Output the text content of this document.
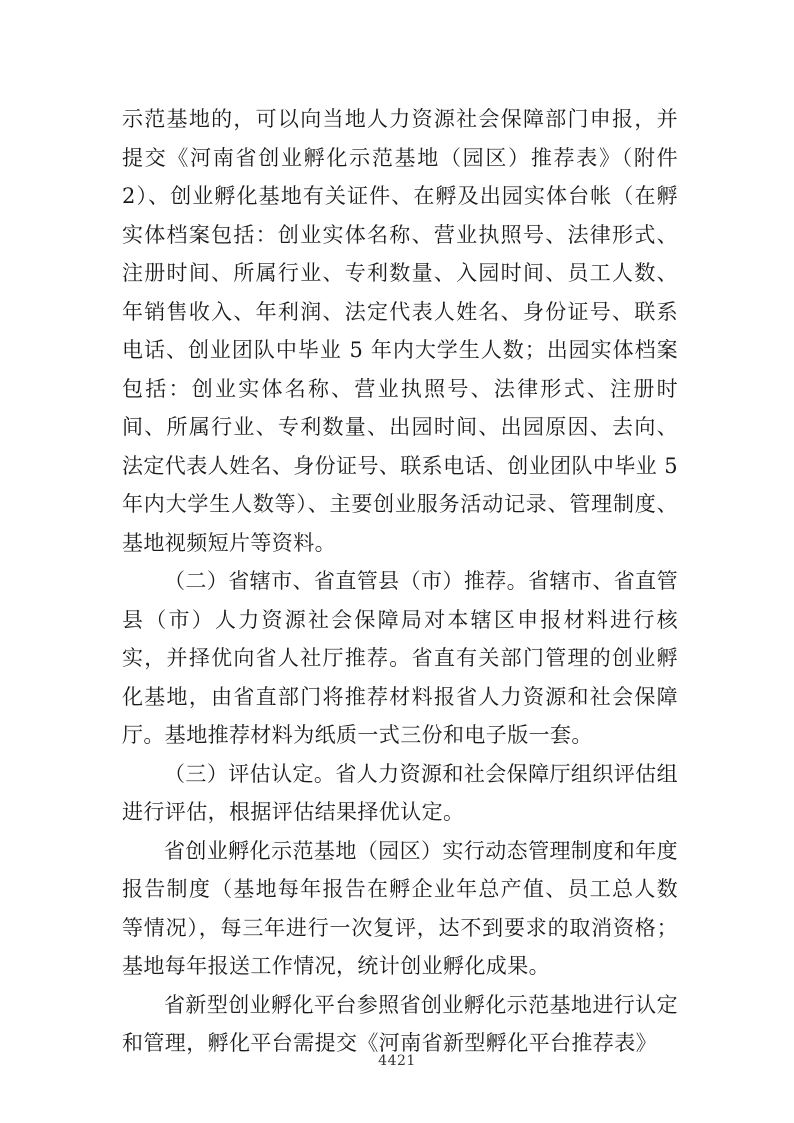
示范基地的，可以向当地人力资源社会保障部门申报，并提交《河南省创业孵化示范基地（园区）推荐表》（附件 2）、创业孵化基地有关证件、在孵及出园实体台帐（在孵实体档案包括：创业实体名称、营业执照号、法律形式、注册时间、所属行业、专利数量、入园时间、员工人数、年销售收入、年利润、法定代表人姓名、身份证号、联系电话、创业团队中毕业 5 年内大学生人数；出园实体档案包括：创业实体名称、营业执照号、法律形式、注册时间、所属行业、专利数量、出园时间、出园原因、去向、法定代表人姓名、身份证号、联系电话、创业团队中毕业 5 年内大学生人数等）、主要创业服务活动记录、管理制度、基地视频短片等资料。

（二）省辖市、省直管县（市）推荐。省辖市、省直管县（市）人力资源社会保障局对本辖区申报材料进行核实，并择优向省人社厅推荐。省直有关部门管理的创业孵化基地，由省直部门将推荐材料报省人力资源和社会保障厅。基地推荐材料为纸质一式三份和电子版一套。

（三）评估认定。省人力资源和社会保障厅组织评估组进行评估，根据评估结果择优认定。

省创业孵化示范基地（园区）实行动态管理制度和年度报告制度（基地每年报告在孵企业年总产值、员工总人数等情况），每三年进行一次复评，达不到要求的取消资格；基地每年报送工作情况，统计创业孵化成果。

省新型创业孵化平台参照省创业孵化示范基地进行认定和管理，孵化平台需提交《河南省新型孵化平台推荐表》

4421
